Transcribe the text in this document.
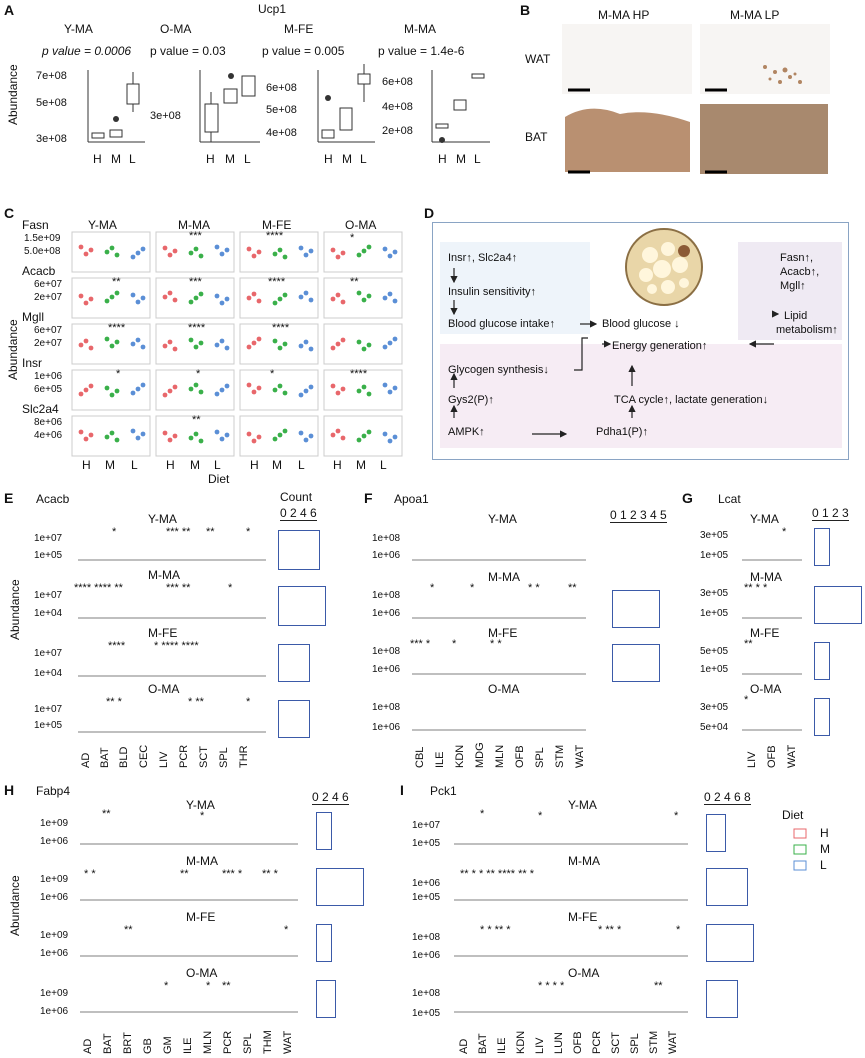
A	Ucp1
Abundance
Y-MA	O-MA	M-FE	M-MA
p value = 0.0006 p value = 0.03	p value = 0.005	p value = 1.4e-6
7e+08
5e+08
3e+08
3e+08
6e+08
5e+08
4e+08
6e+08
4e+08
2e+08
H M L	H M L	H M L	H M L
B	M-MA HP	M-MA LP
WAT
BAT
C
Y-MA	M-MA	M-FE	O-MA
Fasn
Acacb
Mgll
Insr
Slc2a4
Abundance
Diet
1.5e+09
5.0e+08
6e+07
2e+07
6e+07
2e+07
1e+06
6e+05
8e+06
4e+06
***	****	*
**	***	****	**
****	****	****
*	*	*	****
**
H M L H M L H M L H M L
D
Insr↑, Slc2a4↑
Insulin sensitivity↑
Blood glucose intake↑	Blood glucose ↓
Energy generation↑
Fasn↑,
Acacb↑,
Mgll↑
Lipid
metabolism↑
Glycogen synthesis↓
Gys2(P)↑
AMPK↑
TCA cycle↑, lactate generation↓
Pdha1(P)↑
E Acacb	Count
0 2 4 6
Abundance
Y-MA
M-MA
M-FE
O-MA
1e+07
1e+05
1e+07
1e+04
1e+07
1e+04
1e+07
1e+05
*	*** ** **	*
**** **** **	*** **	*
****	* **** ****
** *	* **	*
AD BAT BLD CEC LIV PCR SCT SPL THR
F Apoa1
0 1 2 3 4 5
Y-MA
M-MA
M-FE
O-MA
1e+08
1e+06
1e+08
1e+06
1e+08
1e+06
1e+08
1e+06
*	*	* *	**
*** * *	* *
CBL ILE KDN MDG MLN OFB SPL STM WAT
G Lcat
0 1 2 3
Y-MA
M-MA
M-FE
O-MA
3e+05
1e+05
3e+05
1e+05
5e+05
1e+05
3e+05
5e+04
*
** * *
**
*
LIV OFB WAT
H Fabp4	0 2 4 6
Abundance
Y-MA
M-MA
M-FE
O-MA
1e+09
1e+06
1e+09
1e+06
1e+09
1e+06
1e+09
1e+06
**	*
* *	**	*** * ** *
**	*
*	* **
AD BAT BRT GB GM ILE MLN PCR SPL THM WAT
I Pck1	0 2 4 6 8
Y-MA
M-MA
M-FE
O-MA
1e+07
1e+05
1e+06
1e+05
1e+08
1e+06
1e+08
1e+05
*	*	*
** * * ** **** ** *
* * ** *	* ** *	*
* * * *	**
AD BAT ILE KDN LIV LUN OFB PCR SCT SPL STM WAT
Diet
H
M
L
